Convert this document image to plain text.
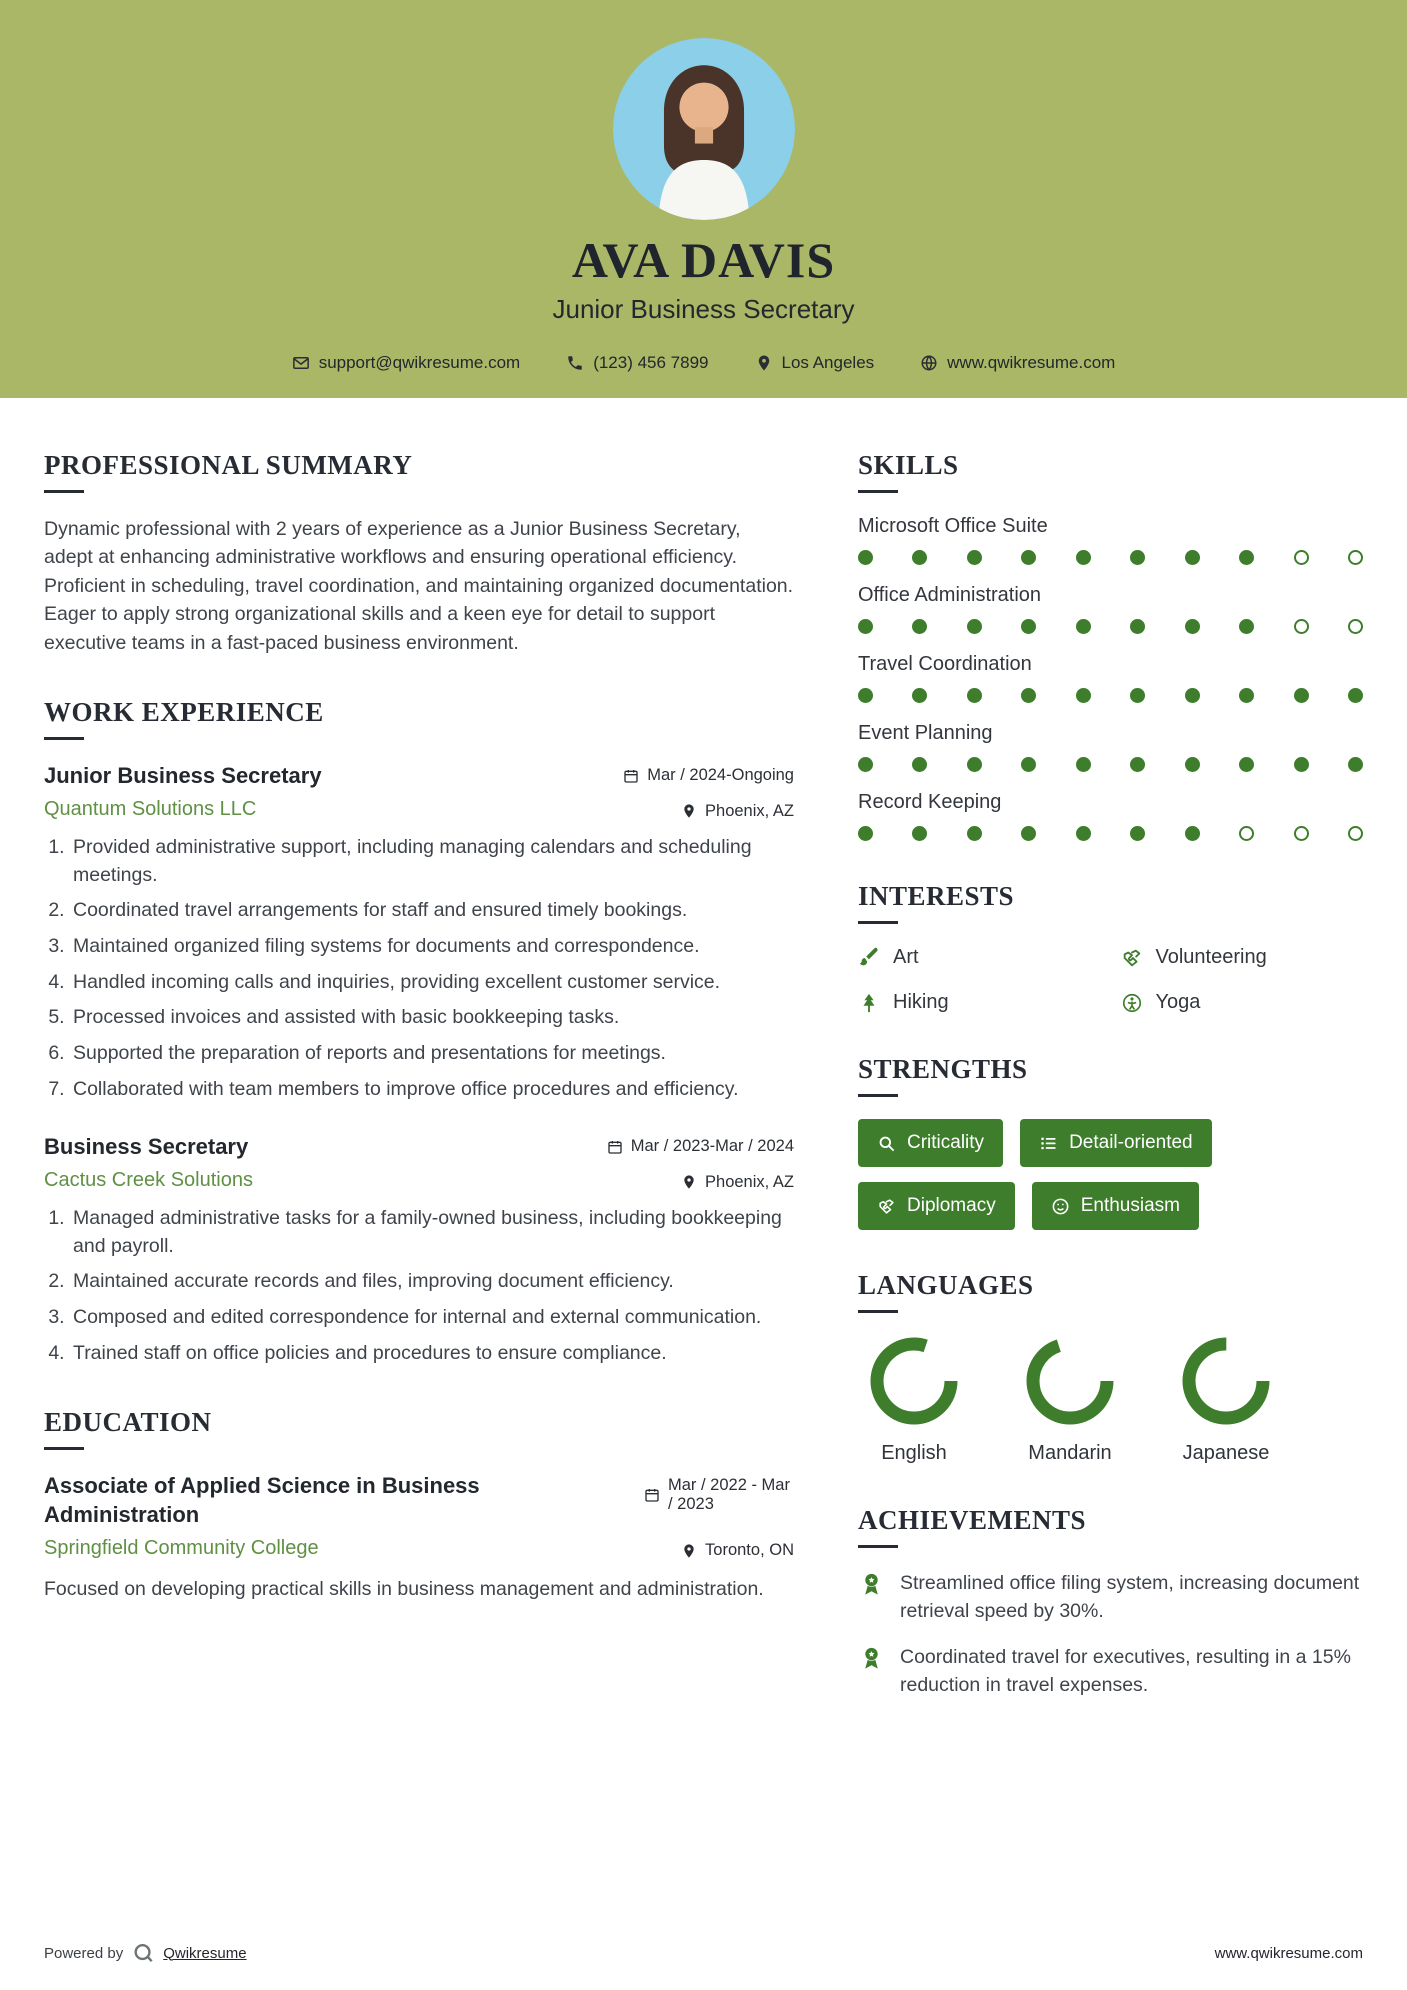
AVA DAVIS
Junior Business Secretary
support@qwikresume.com	(123) 456 7899	Los Angeles	www.qwikresume.com
PROFESSIONAL SUMMARY

Dynamic professional with 2 years of experience as a Junior Business Secretary, adept at enhancing administrative workflows and ensuring operational efficiency. Proficient in scheduling, travel coordination, and maintaining organized documentation. Eager to apply strong organizational skills and a keen eye for detail to support executive teams in a fast-paced business environment.

WORK EXPERIENCE
Junior Business Secretary	Mar / 2024-Ongoing
Quantum Solutions LLC	Phoenix, AZ
1. Provided administrative support, including managing calendars and scheduling meetings.
2. Coordinated travel arrangements for staff and ensured timely bookings.
3. Maintained organized filing systems for documents and correspondence.
4. Handled incoming calls and inquiries, providing excellent customer service.
5. Processed invoices and assisted with basic bookkeeping tasks.
6. Supported the preparation of reports and presentations for meetings.
7. Collaborated with team members to improve office procedures and efficiency.
Business Secretary	Mar / 2023-Mar / 2024
Cactus Creek Solutions	Phoenix, AZ
1. Managed administrative tasks for a family-owned business, including bookkeeping and payroll.
2. Maintained accurate records and files, improving document efficiency.
3. Composed and edited correspondence for internal and external communication.
4. Trained staff on office policies and procedures to ensure compliance.
EDUCATION
Associate of Applied Science in Business Administration
Mar / 2022 - Mar / 2023
Springfield Community College	Toronto, ON

Focused on developing practical skills in business management and administration.

SKILLS
Microsoft Office Suite
Office Administration
Travel Coordination
Event Planning
Record Keeping
INTERESTS
Art	Volunteering
Hiking	Yoga
STRENGTHS
Criticality	Detail-oriented
Diplomacy	Enthusiasm
LANGUAGES
English	Mandarin	Japanese
ACHIEVEMENTS
Streamlined office filing system, increasing document retrieval speed by 30%.
Coordinated travel for executives, resulting in a 15% reduction in travel expenses.
Powered by	Qwikresume	www.qwikresume.com
